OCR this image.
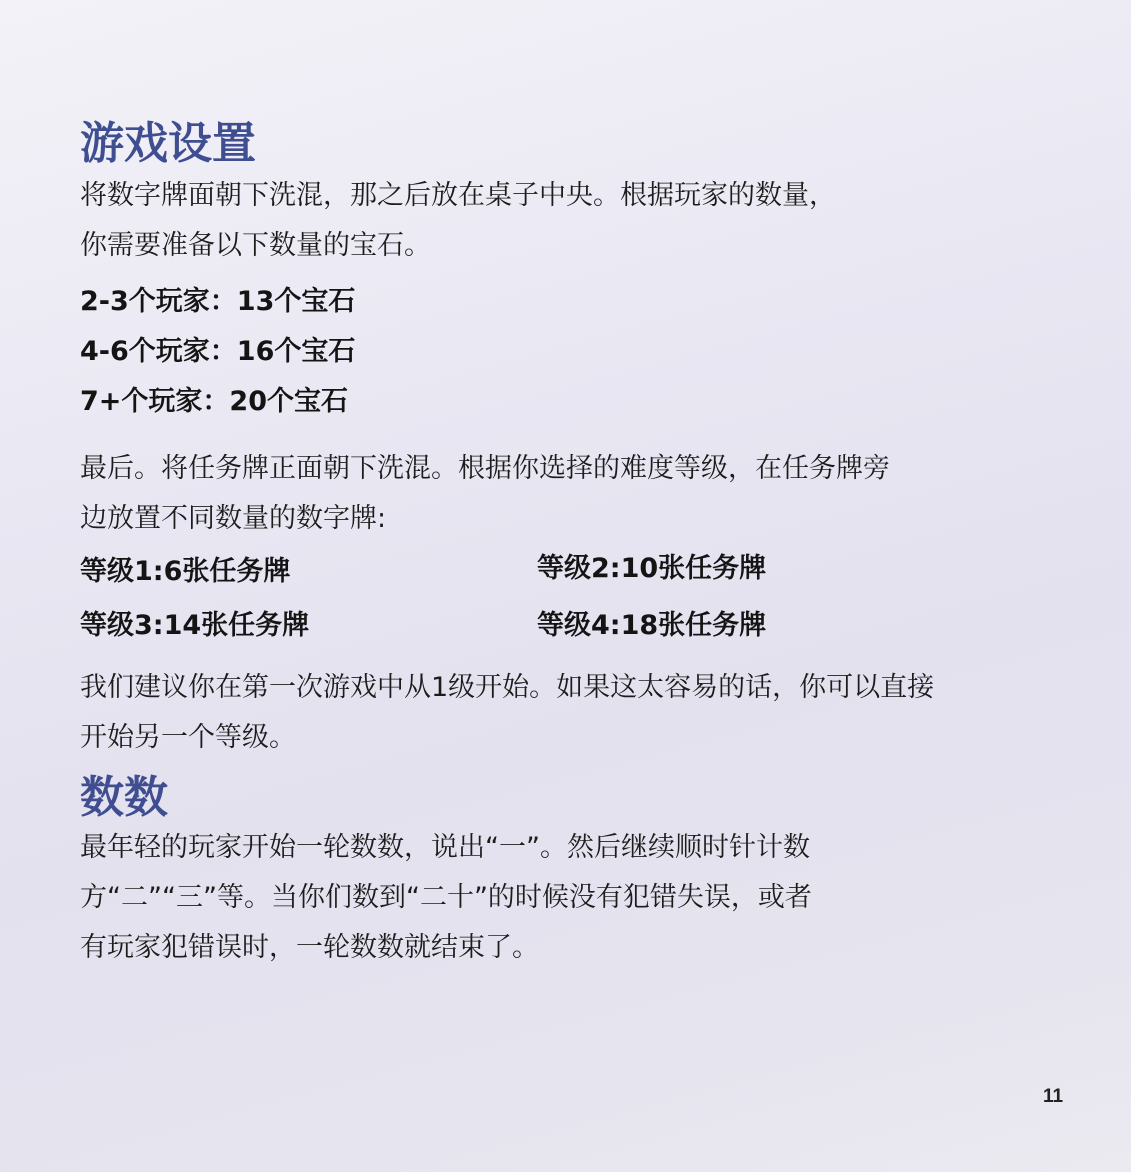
游戏设置

将数字牌面朝下洗混，那之后放在桌子中央。根据玩家的数量，

你需要准备以下数量的宝石。

2-3个玩家：13个宝石

4-6个玩家：16个宝石

7+个玩家：20个宝石

最后。将任务牌正面朝下洗混。根据你选择的难度等级，在任务牌旁

边放置不同数量的数字牌:

等级1:6张任务牌	等级2:10张任务牌

等级3:14张任务牌	等级4:18张任务牌

我们建议你在第一次游戏中从1级开始。如果这太容易的话，你可以直接

开始另一个等级。

数数

最年轻的玩家开始一轮数数，说出“一”。然后继续顺时针计数

方“二”“三”等。当你们数到“二十”的时候没有犯错失误，或者

有玩家犯错误时，一轮数数就结束了。

11
